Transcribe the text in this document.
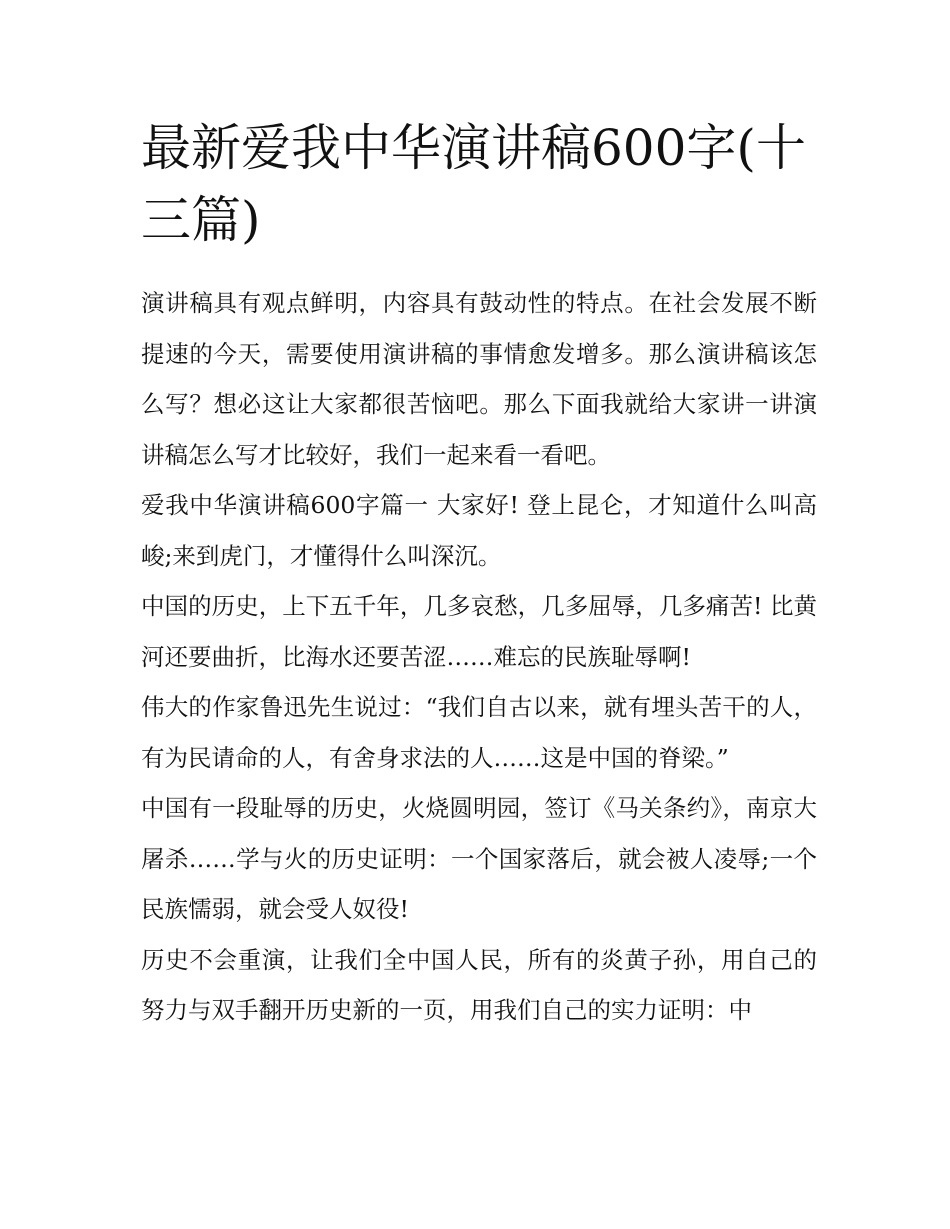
最新爱我中华演讲稿600字(十三篇)

演讲稿具有观点鲜明，内容具有鼓动性的特点。在社会发展不断提速的今天，需要使用演讲稿的事情愈发增多。那么演讲稿该怎么写？想必这让大家都很苦恼吧。那么下面我就给大家讲一讲演讲稿怎么写才比较好，我们一起来看一看吧。

爱我中华演讲稿600字篇一 大家好! 登上昆仑，才知道什么叫高峻;来到虎门，才懂得什么叫深沉。

中国的历史，上下五千年，几多哀愁，几多屈辱，几多痛苦! 比黄河还要曲折，比海水还要苦涩……难忘的民族耻辱啊!

伟大的作家鲁迅先生说过：“我们自古以来，就有埋头苦干的人，有为民请命的人，有舍身求法的人……这是中国的脊梁。”

中国有一段耻辱的历史，火烧圆明园，签订《马关条约》，南京大屠杀……学与火的历史证明：一个国家落后，就会被人凌辱;一个民族懦弱，就会受人奴役!

历史不会重演，让我们全中国人民，所有的炎黄子孙，用自己的努力与双手翻开历史新的一页，用我们自己的实力证明：中
